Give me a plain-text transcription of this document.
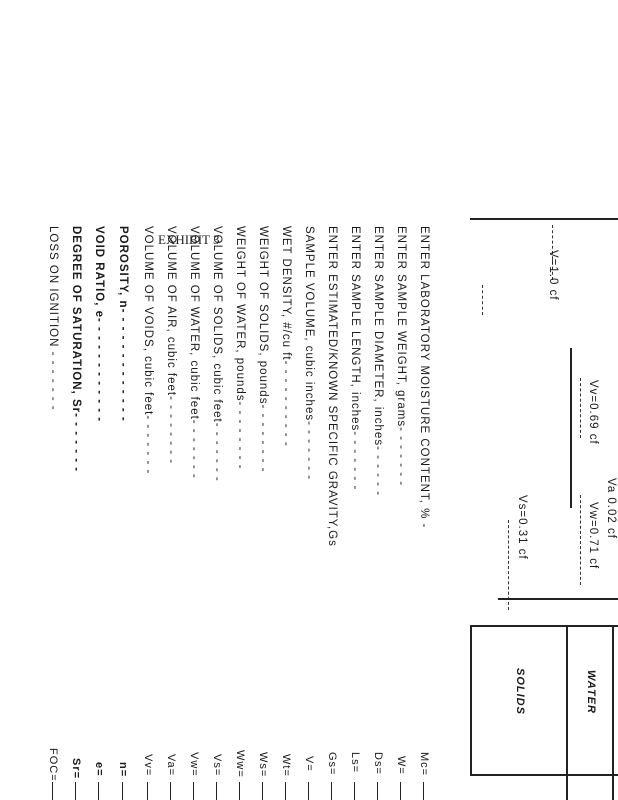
Va 0.02 cf
V=1.0 cf
Vv=0.69 cf
Vw=0.71 cf
Vs=0.31 cf
WATER
SOLIDS
ENTER LABORATORY MOISTURE CONTENT, % -
Mc=
ENTER SAMPLE WEIGHT, grams- - - - - - -
W=
ENTER SAMPLE DIAMETER, inches- - - - - -
Ds=
ENTER SAMPLE LENGTH, inches- - - - - - -
Ls=
ENTER ESTIMATED/KNOWN SPECIFIC GRAVITY,Gs
Gs=
SAMPLE VOLUME, cubic inches- - - - - - -
V=
WET DENSITY, #/cu ft- - - - - - - - - -
Wt=
WEIGHT OF SOLIDS, pounds- - - - - - - -
Ws=
WEIGHT OF WATER, pounds- - - - - - - -
Ww=
VOLUME OF SOLIDS, cubic feet- - - - - - -
Vs=
VOLUME OF WATER, cubic feet- - - - - - -
Vw=
VOLUME OF AIR, cubic feet- - - - - - - -
Va=
VOLUME OF VOIDS, cubic feet- - - - - - -
Vv=
POROSITY, n- - - - - - - - - - - - -
n=
VOID RATIO, e- - - - - - - - - - - -
e=
DEGREE OF SATURATION, Sr- - - - - - -
Sr=
LOSS ON IGNITION - - - - - - -
FOC=
EXHIBIT 3
